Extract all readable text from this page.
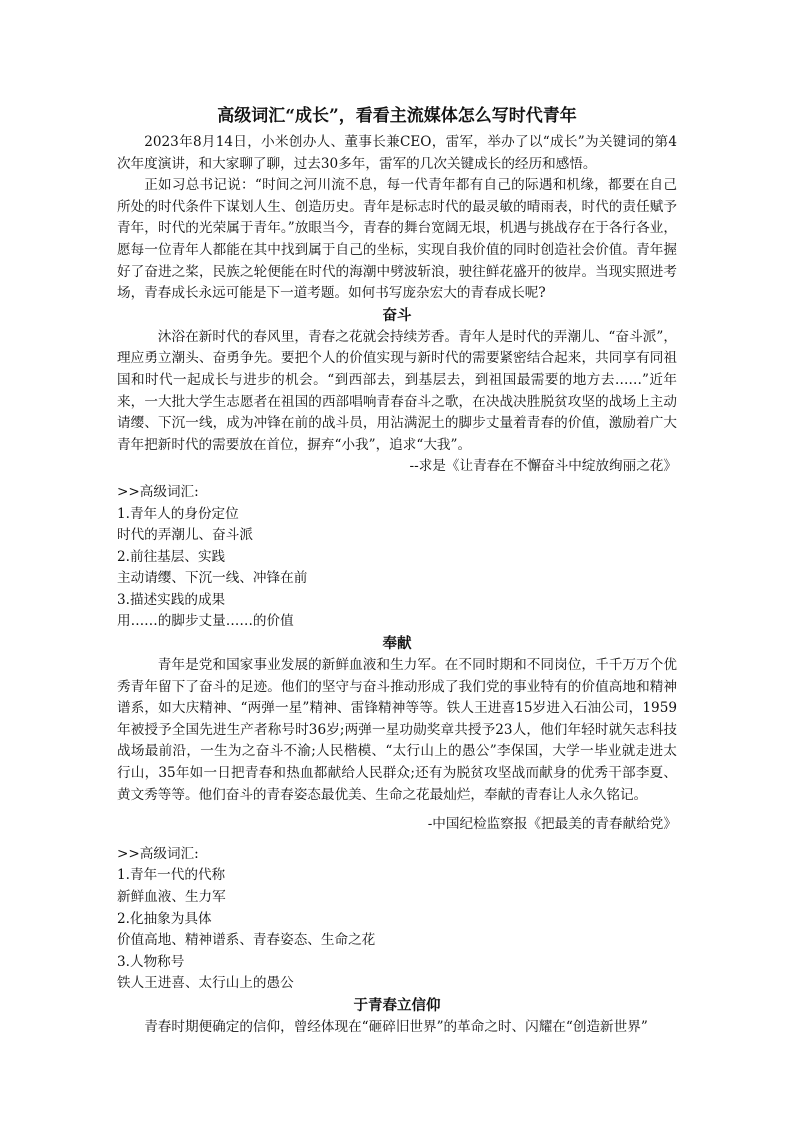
高级词汇“成长”，看看主流媒体怎么写时代青年

2023年8月14日，小米创办人、董事长兼CEO，雷军，举办了以“成长”为关键词的第4次年度演讲，和大家聊了聊，过去30多年，雷军的几次关键成长的经历和感悟。

正如习总书记说：“时间之河川流不息，每一代青年都有自己的际遇和机缘，都要在自己所处的时代条件下谋划人生、创造历史。青年是标志时代的最灵敏的晴雨表，时代的责任赋予青年，时代的光荣属于青年。”放眼当今，青春的舞台宽阔无垠，机遇与挑战存在于各行各业，愿每一位青年人都能在其中找到属于自己的坐标，实现自我价值的同时创造社会价值。青年握好了奋进之桨，民族之轮便能在时代的海潮中劈波斩浪，驶往鲜花盛开的彼岸。当现实照进考场，青春成长永远可能是下一道考题。如何书写庞杂宏大的青春成长呢?

奋斗

沐浴在新时代的春风里，青春之花就会持续芳香。青年人是时代的弄潮儿、“奋斗派”，理应勇立潮头、奋勇争先。要把个人的价值实现与新时代的需要紧密结合起来，共同享有同祖国和时代一起成长与进步的机会。“到西部去，到基层去，到祖国最需要的地方去……”近年来，一大批大学生志愿者在祖国的西部唱响青春奋斗之歌，在决战决胜脱贫攻坚的战场上主动请缨、下沉一线，成为冲锋在前的战斗员，用沾满泥土的脚步丈量着青春的价值，激励着广大青年把新时代的需要放在首位，摒弃“小我”，追求“大我”。

--求是《让青春在不懈奋斗中绽放绚丽之花》
>>高级词汇:
1.青年人的身份定位
时代的弄潮儿、奋斗派
2.前往基层、实践
主动请缨、下沉一线、冲锋在前
3.描述实践的成果
用……的脚步丈量……的价值
奉献

青年是党和国家事业发展的新鲜血液和生力军。在不同时期和不同岗位，千千万万个优秀青年留下了奋斗的足迹。他们的坚守与奋斗推动形成了我们党的事业特有的价值高地和精神谱系，如大庆精神、“两弹一星”精神、雷锋精神等等。铁人王进喜15岁进入石油公司，1959年被授予全国先进生产者称号时36岁;两弹一星功勋奖章共授予23人，他们年轻时就矢志科技战场最前沿，一生为之奋斗不渝;人民楷模、“太行山上的愚公”李保国，大学一毕业就走进太行山，35年如一日把青春和热血都献给人民群众;还有为脱贫攻坚战而献身的优秀干部李夏、黄文秀等等。他们奋斗的青春姿态最优美、生命之花最灿烂，奉献的青春让人永久铭记。

-中国纪检监察报《把最美的青春献给党》
>>高级词汇:
1.青年一代的代称
新鲜血液、生力军
2.化抽象为具体
价值高地、精神谱系、青春姿态、生命之花
3.人物称号
铁人王进喜、太行山上的愚公
于青春立信仰

青春时期便确定的信仰，曾经体现在“砸碎旧世界”的革命之时、闪耀在“创造新世界”
